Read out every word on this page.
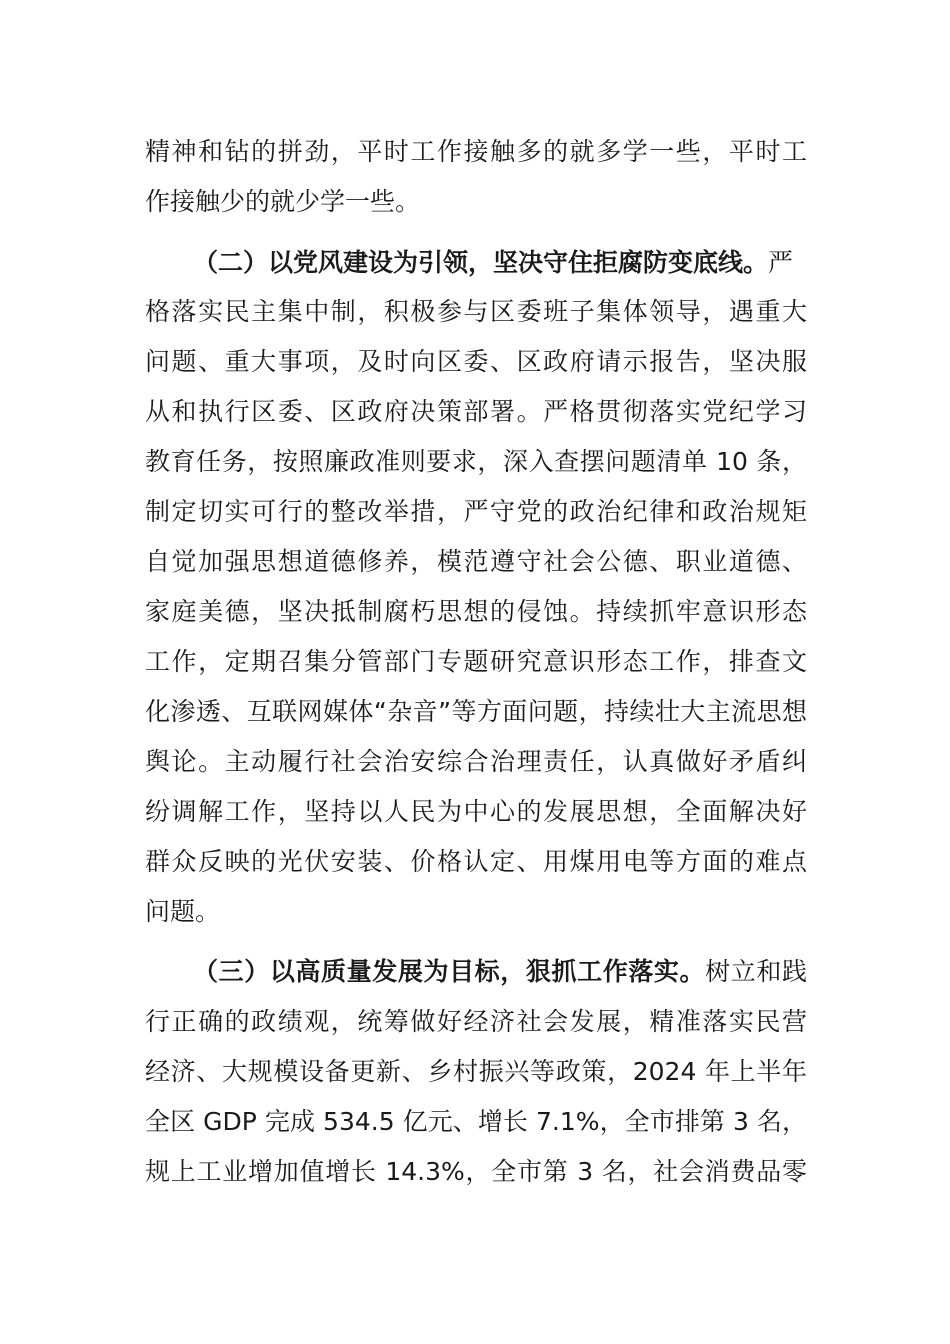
精神和钻的拼劲，平时工作接触多的就多学一些，平时工
作接触少的就少学一些。
（二）以党风建设为引领，坚决守住拒腐防变底线。严
格落实民主集中制，积极参与区委班子集体领导，遇重大
问题、重大事项，及时向区委、区政府请示报告，坚决服
从和执行区委、区政府决策部署。严格贯彻落实党纪学习
教育任务，按照廉政准则要求，深入查摆问题清单 10 条，
制定切实可行的整改举措，严守党的政治纪律和政治规矩
自觉加强思想道德修养，模范遵守社会公德、职业道德、
家庭美德，坚决抵制腐朽思想的侵蚀。持续抓牢意识形态
工作，定期召集分管部门专题研究意识形态工作，排查文
化渗透、互联网媒体“杂音”等方面问题，持续壮大主流思想
舆论。主动履行社会治安综合治理责任，认真做好矛盾纠
纷调解工作，坚持以人民为中心的发展思想，全面解决好
群众反映的光伏安装、价格认定、用煤用电等方面的难点
问题。
（三）以高质量发展为目标，狠抓工作落实。树立和践
行正确的政绩观，统筹做好经济社会发展，精准落实民营
经济、大规模设备更新、乡村振兴等政策，2024 年上半年
全区 GDP 完成 534.5 亿元、增长 7.1%，全市排第 3 名，
规上工业增加值增长 14.3%，全市第 3 名，社会消费品零
